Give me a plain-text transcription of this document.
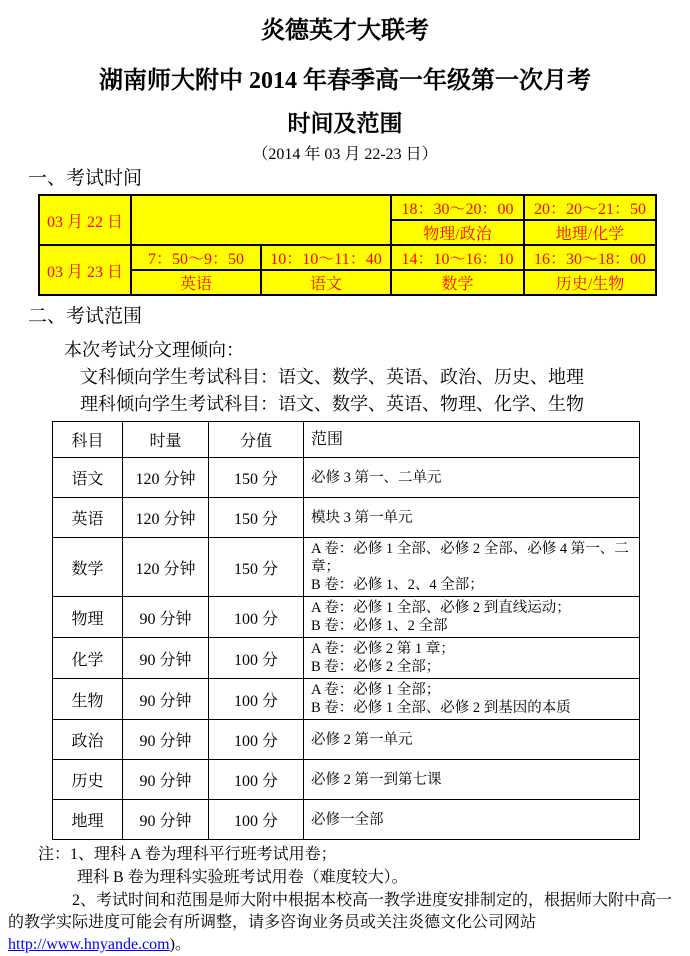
炎德英才大联考
湖南师大附中 2014 年春季高一年级第一次月考
时间及范围
（2014 年 03 月 22-23 日）
一、考试时间
03 月 22 日			18：30～20：00	20：20～21：50
			物理/政治	地理/化学
03 月 23 日	7：50～9：50	10：10～11：40	14：10～16：10	16：30～18：00
	英语	语文	数学	历史/生物
二、考试范围
本次考试分文理倾向：
文科倾向学生考试科目：语文、数学、英语、政治、历史、地理
理科倾向学生考试科目：语文、数学、英语、物理、化学、生物
科目	时量	分值	范围
语文	120 分钟	150 分	必修 3 第一、二单元

英语	120 分钟	150 分	模块 3 第一单元

数学	120 分钟	150 分	A 卷：必修 1 全部、必修 2 全部、必修 4 第一、二章；
B 卷：必修 1、2、4 全部；

物理	90 分钟	100 分	A 卷：必修 1 全部、必修 2 到直线运动；
B 卷：必修 1、2 全部

化学	90 分钟	100 分	A 卷：必修 2 第 1 章；
B 卷：必修 2 全部；

生物	90 分钟	100 分	A 卷：必修 1 全部；
B 卷：必修 1 全部、必修 2 到基因的本质

政治	90 分钟	100 分	必修 2 第一单元

历史	90 分钟	100 分	必修 2 第一到第七课

地理	90 分钟	100 分	必修一全部
注：1、理科 A 卷为理科平行班考试用卷；
理科 B 卷为理科实验班考试用卷（难度较大）。
2、考试时间和范围是师大附中根据本校高一教学进度安排制定的，根据师大附中高一的教学实际进度可能会有所调整，请多咨询业务员或关注炎德文化公司网站 http://www.hnyande.com)。
